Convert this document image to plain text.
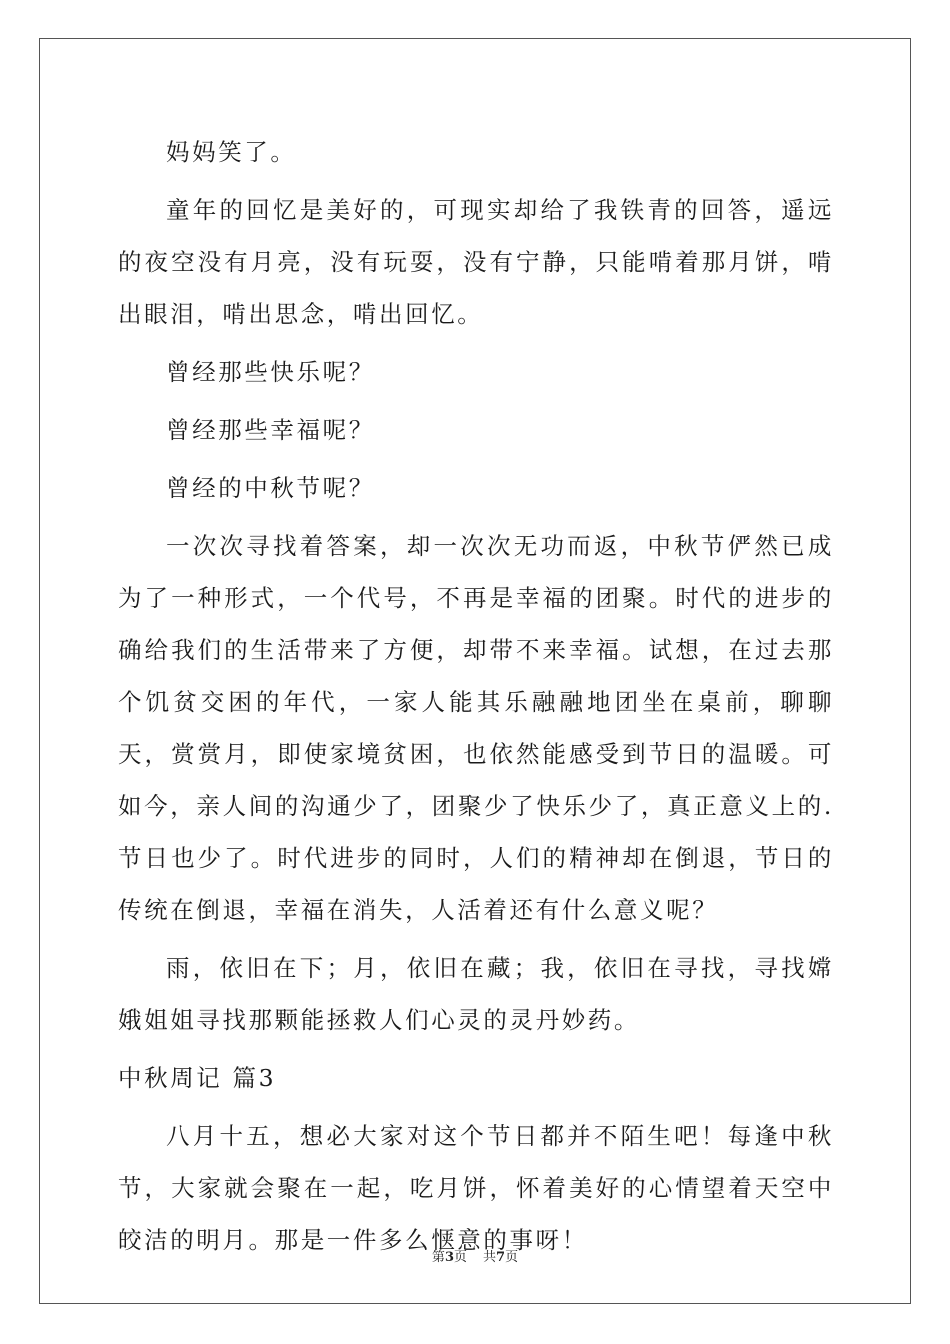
妈妈笑了。

童年的回忆是美好的，可现实却给了我铁青的回答，遥远的夜空没有月亮，没有玩耍，没有宁静，只能啃着那月饼，啃出眼泪，啃出思念，啃出回忆。

曾经那些快乐呢？

曾经那些幸福呢？

曾经的中秋节呢？

一次次寻找着答案，却一次次无功而返，中秋节俨然已成为了一种形式，一个代号，不再是幸福的团聚。时代的进步的确给我们的生活带来了方便，却带不来幸福。试想，在过去那个饥贫交困的年代，一家人能其乐融融地团坐在桌前，聊聊天，赏赏月，即使家境贫困，也依然能感受到节日的温暖。可如今，亲人间的沟通少了，团聚少了快乐少了，真正意义上的.节日也少了。时代进步的同时，人们的精神却在倒退，节日的传统在倒退，幸福在消失，人活着还有什么意义呢？

雨，依旧在下；月，依旧在藏；我，依旧在寻找，寻找嫦娥姐姐寻找那颗能拯救人们心灵的灵丹妙药。

中秋周记 篇3

八月十五，想必大家对这个节日都并不陌生吧！每逢中秋节，大家就会聚在一起，吃月饼，怀着美好的心情望着天空中皎洁的明月。那是一件多么惬意的事呀！

第3页 共7页
